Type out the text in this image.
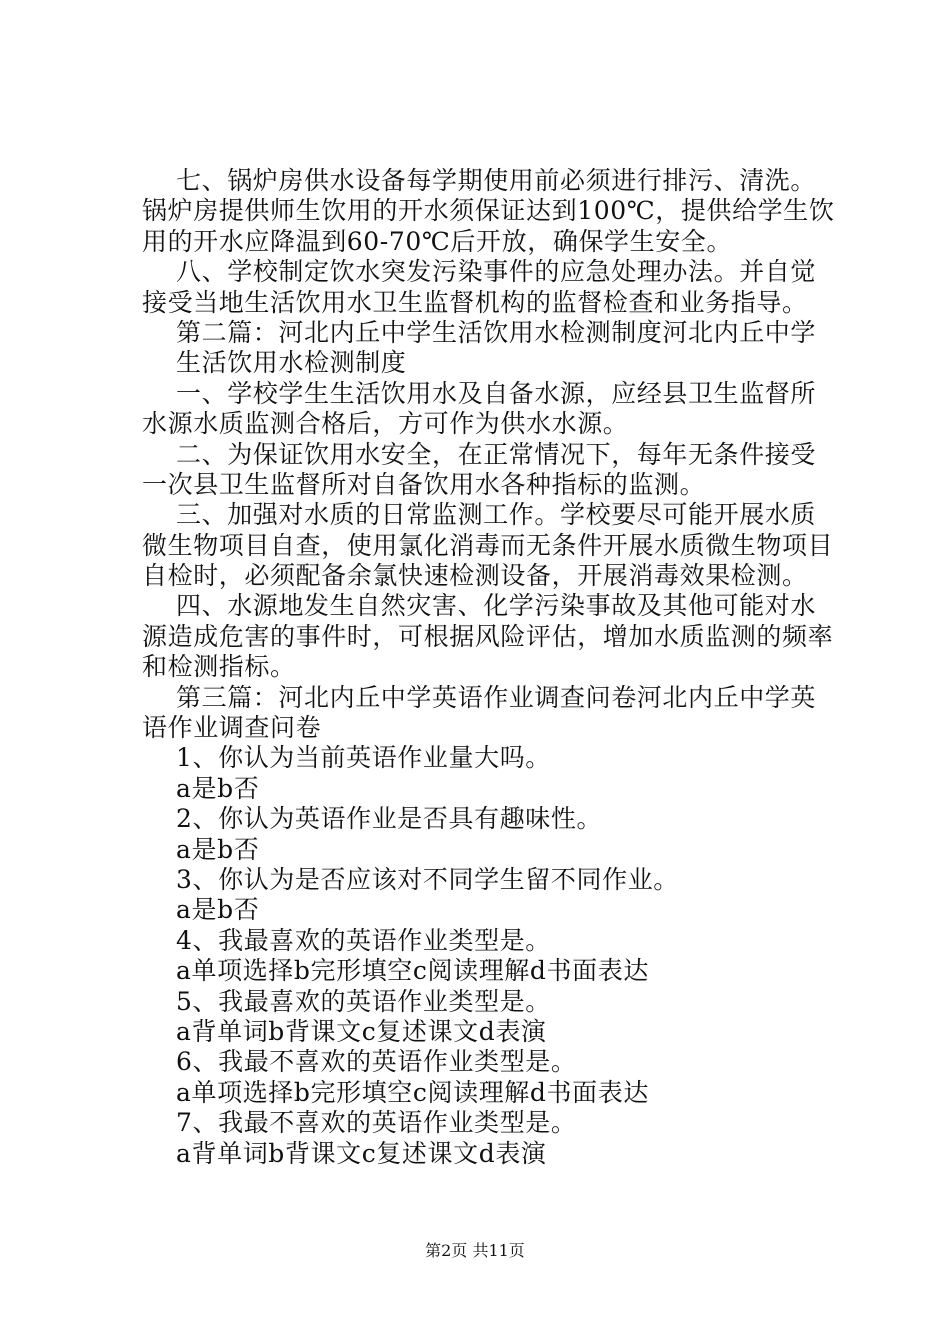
七、锅炉房供水设备每学期使用前必须进行排污、清洗。
锅炉房提供师生饮用的开水须保证达到100℃，提供给学生饮
用的开水应降温到60-70℃后开放，确保学生安全。
八、学校制定饮水突发污染事件的应急处理办法。并自觉
接受当地生活饮用水卫生监督机构的监督检查和业务指导。
第二篇：河北内丘中学生活饮用水检测制度河北内丘中学
生活饮用水检测制度
一、学校学生生活饮用水及自备水源，应经县卫生监督所
水源水质监测合格后，方可作为供水水源。
二、为保证饮用水安全，在正常情况下，每年无条件接受
一次县卫生监督所对自备饮用水各种指标的监测。
三、加强对水质的日常监测工作。学校要尽可能开展水质
微生物项目自查，使用氯化消毒而无条件开展水质微生物项目
自检时，必须配备余氯快速检测设备，开展消毒效果检测。
四、水源地发生自然灾害、化学污染事故及其他可能对水
源造成危害的事件时，可根据风险评估，增加水质监测的频率
和检测指标。
第三篇：河北内丘中学英语作业调查问卷河北内丘中学英
语作业调查问卷
1、你认为当前英语作业量大吗。
a是b否
2、你认为英语作业是否具有趣味性。
a是b否
3、你认为是否应该对不同学生留不同作业。
a是b否
4、我最喜欢的英语作业类型是。
a单项选择b完形填空c阅读理解d书面表达
5、我最喜欢的英语作业类型是。
a背单词b背课文c复述课文d表演
6、我最不喜欢的英语作业类型是。
a单项选择b完形填空c阅读理解d书面表达
7、我最不喜欢的英语作业类型是。
a背单词b背课文c复述课文d表演
第2页 共11页
